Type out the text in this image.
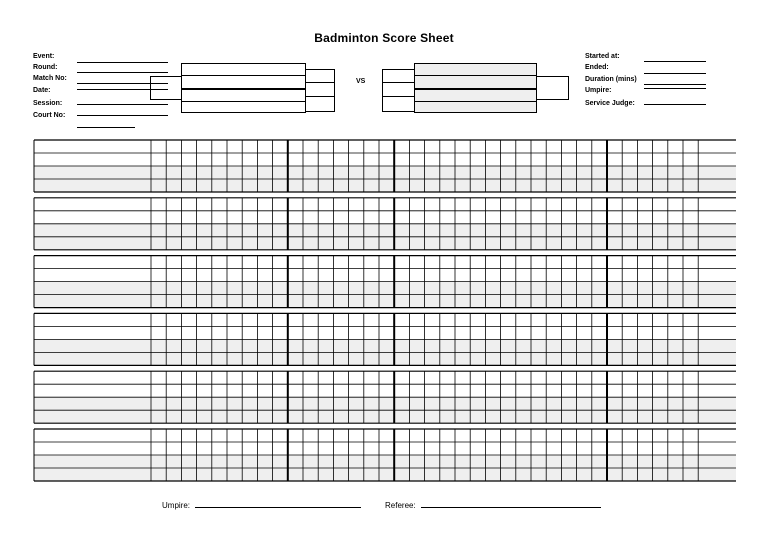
Badminton Score Sheet
Event:
Round:
Match No:
Date:
Session:
Court No:
VS
Started at:
Ended:
Duration (mins)
Umpire:
Service Judge:
Umpire:	Referee:
